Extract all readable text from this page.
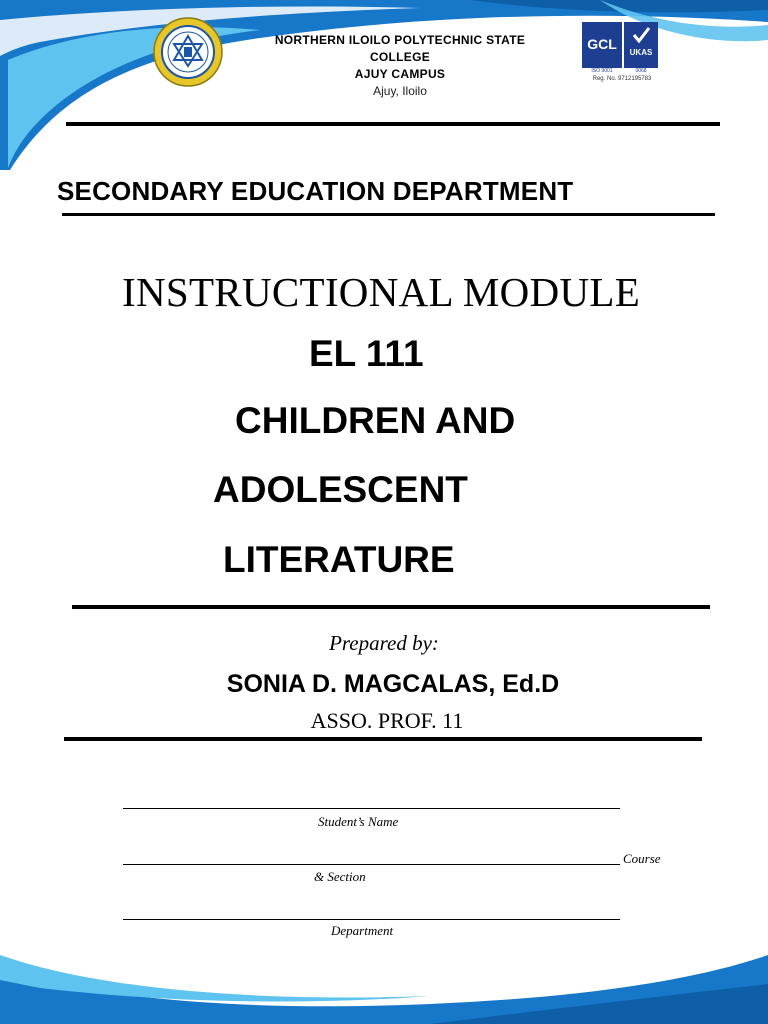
NORTHERN ILOILO POLYTECHNIC STATE
COLLEGE
AJUY CAMPUS
Ajuy, Iloilo
GCL
ISO 9001
UKAS
0068
Reg. No. 9712195783
SECONDARY EDUCATION DEPARTMENT
INSTRUCTIONAL MODULE
EL 111
CHILDREN AND
ADOLESCENT
LITERATURE
Prepared by:
SONIA D. MAGCALAS, Ed.D
ASSO. PROF. 11
Student’s Name
Course
& Section
Department
